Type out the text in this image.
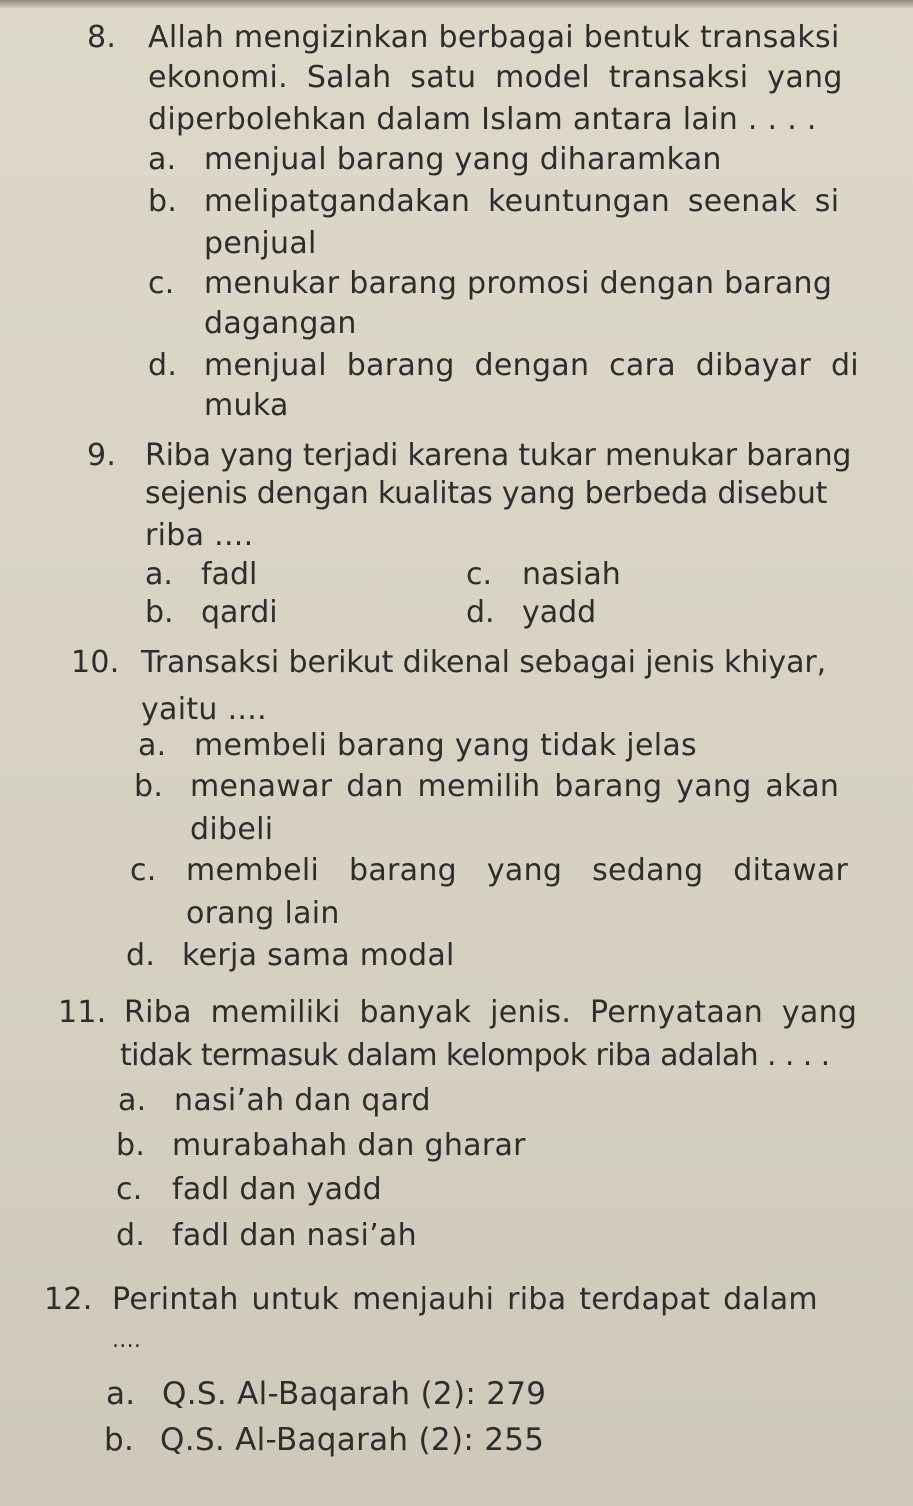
8. Allah mengizinkan berbagai bentuk transaksi
ekonomi. Salah satu model transaksi yang
diperbolehkan dalam Islam antara lain . . . .
a. menjual barang yang diharamkan
b. melipatgandakan keuntungan seenak si
penjual
c. menukar barang promosi dengan barang
dagangan
d. menjual barang dengan cara dibayar di
muka
9. Riba yang terjadi karena tukar menukar barang
sejenis dengan kualitas yang berbeda disebut
riba ....
a. fadl	c. nasiah
b. qardi	d. yadd
10. Transaksi berikut dikenal sebagai jenis khiyar,
yaitu ....
a. membeli barang yang tidak jelas
b. menawar dan memilih barang yang akan
dibeli
c. membeli barang yang sedang ditawar
orang lain
d. kerja sama modal
11. Riba memiliki banyak jenis. Pernyataan yang
tidak termasuk dalam kelompok riba adalah . . . .
a. nasi’ah dan qard
b. murabahah dan gharar
c. fadl dan yadd
d. fadl dan nasi’ah
12. Perintah untuk menjauhi riba terdapat dalam
....
a. Q.S. Al-Baqarah (2): 279
b. Q.S. Al-Baqarah (2): 255
